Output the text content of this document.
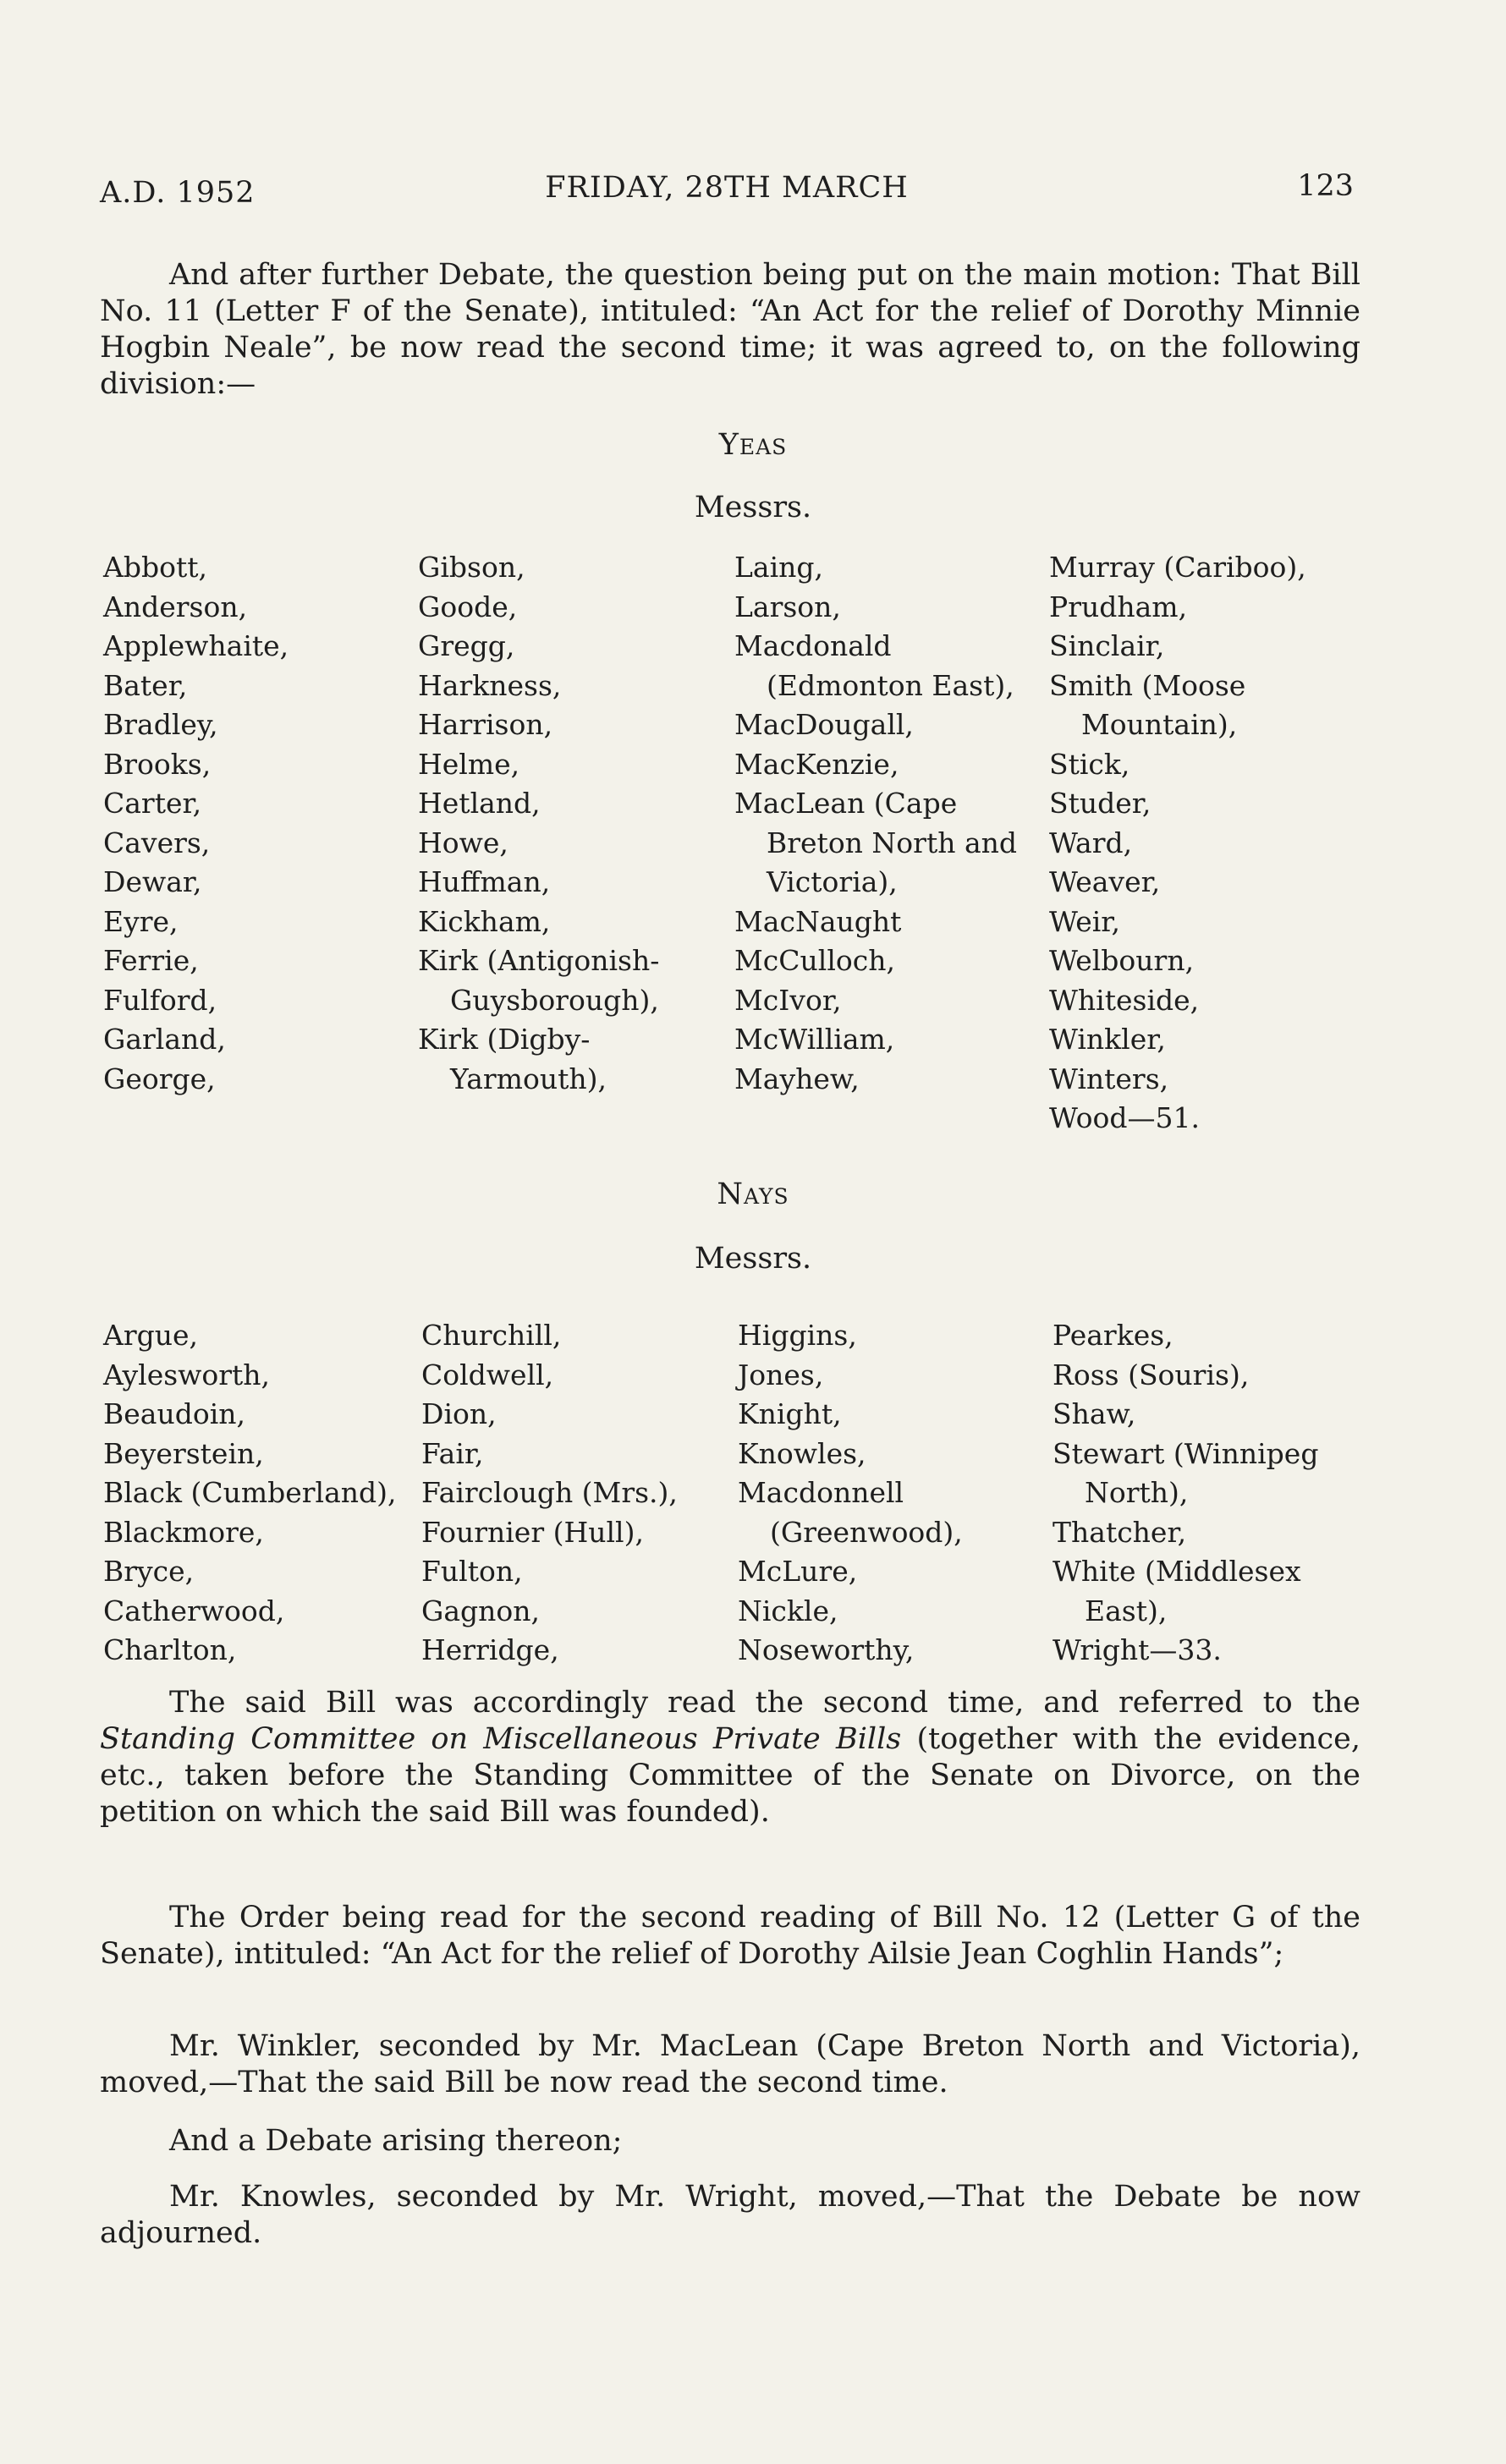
A.D. 1952	FRIDAY, 28TH MARCH	123
And after further Debate, the question being put on the main motion: That Bill No. 11 (Letter F of the Senate), intituled: “An Act for the relief of Dorothy Minnie Hogbin Neale”, be now read the second time; it was agreed to, on the following division:—
Yeas
Messrs.
Abbott,
Anderson,
Applewhaite,
Bater,
Bradley,
Brooks,
Carter,
Cavers,
Dewar,
Eyre,
Ferrie,
Fulford,
Garland,
George,
Gibson,
Goode,
Gregg,
Harkness,
Harrison,
Helme,
Hetland,
Howe,
Huffman,
Kickham,
Kirk (Antigonish-
Guysborough),
Kirk (Digby-
Yarmouth),
Laing,
Larson,
Macdonald
(Edmonton East),
MacDougall,
MacKenzie,
MacLean (Cape
Breton North and
Victoria),
MacNaught
McCulloch,
McIvor,
McWilliam,
Mayhew,
Murray (Cariboo),
Prudham,
Sinclair,
Smith (Moose
Mountain),
Stick,
Studer,
Ward,
Weaver,
Weir,
Welbourn,
Whiteside,
Winkler,
Winters,
Wood—51.
Nays
Messrs.
Argue,
Aylesworth,
Beaudoin,
Beyerstein,
Black (Cumberland),
Blackmore,
Bryce,
Catherwood,
Charlton,
Churchill,
Coldwell,
Dion,
Fair,
Fairclough (Mrs.),
Fournier (Hull),
Fulton,
Gagnon,
Herridge,
Higgins,
Jones,
Knight,
Knowles,
Macdonnell
(Greenwood),
McLure,
Nickle,
Noseworthy,
Pearkes,
Ross (Souris),
Shaw,
Stewart (Winnipeg
North),
Thatcher,
White (Middlesex
East),
Wright—33.
The said Bill was accordingly read the second time, and referred to the Standing Committee on Miscellaneous Private Bills (together with the evidence, etc., taken before the Standing Committee of the Senate on Divorce, on the petition on which the said Bill was founded).
The Order being read for the second reading of Bill No. 12 (Letter G of the Senate), intituled: “An Act for the relief of Dorothy Ailsie Jean Coghlin Hands”;
Mr. Winkler, seconded by Mr. MacLean (Cape Breton North and Victoria), moved,—That the said Bill be now read the second time.
And a Debate arising thereon;
Mr. Knowles, seconded by Mr. Wright, moved,—That the Debate be now adjourned.
